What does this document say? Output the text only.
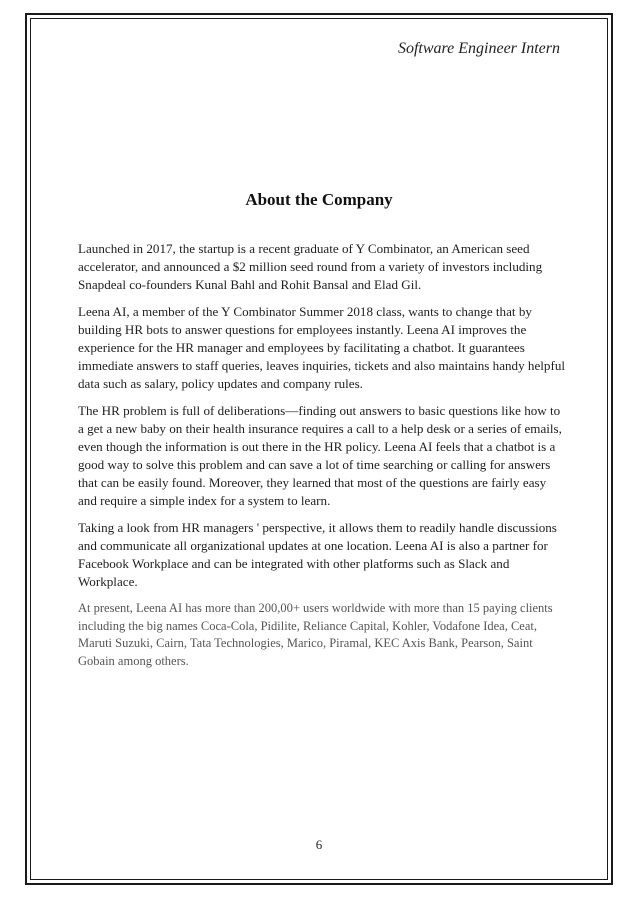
Software Engineer Intern
About the Company

Launched in 2017, the startup is a recent graduate of Y Combinator, an American seed accelerator, and announced a $2 million seed round from a variety of investors including Snapdeal co-founders Kunal Bahl and Rohit Bansal and Elad Gil.

Leena AI, a member of the Y Combinator Summer 2018 class, wants to change that by building HR bots to answer questions for employees instantly. Leena AI improves the experience for the HR manager and employees by facilitating a chatbot. It guarantees immediate answers to staff queries, leaves inquiries, tickets and also maintains handy helpful data such as salary, policy updates and company rules.

The HR problem is full of deliberations—finding out answers to basic questions like how to a get a new baby on their health insurance requires a call to a help desk or a series of emails, even though the information is out there in the HR policy. Leena AI feels that a chatbot is a good way to solve this problem and can save a lot of time searching or calling for answers that can be easily found. Moreover, they learned that most of the questions are fairly easy and require a simple index for a system to learn.

Taking a look from HR managers ' perspective, it allows them to readily handle discussions and communicate all organizational updates at one location. Leena AI is also a partner for Facebook Workplace and can be integrated with other platforms such as Slack and Workplace.

At present, Leena AI has more than 200,00+ users worldwide with more than 15 paying clients including the big names Coca-Cola, Pidilite, Reliance Capital, Kohler, Vodafone Idea, Ceat, Maruti Suzuki, Cairn, Tata Technologies, Marico, Piramal, KEC Axis Bank, Pearson, Saint Gobain among others.

6
